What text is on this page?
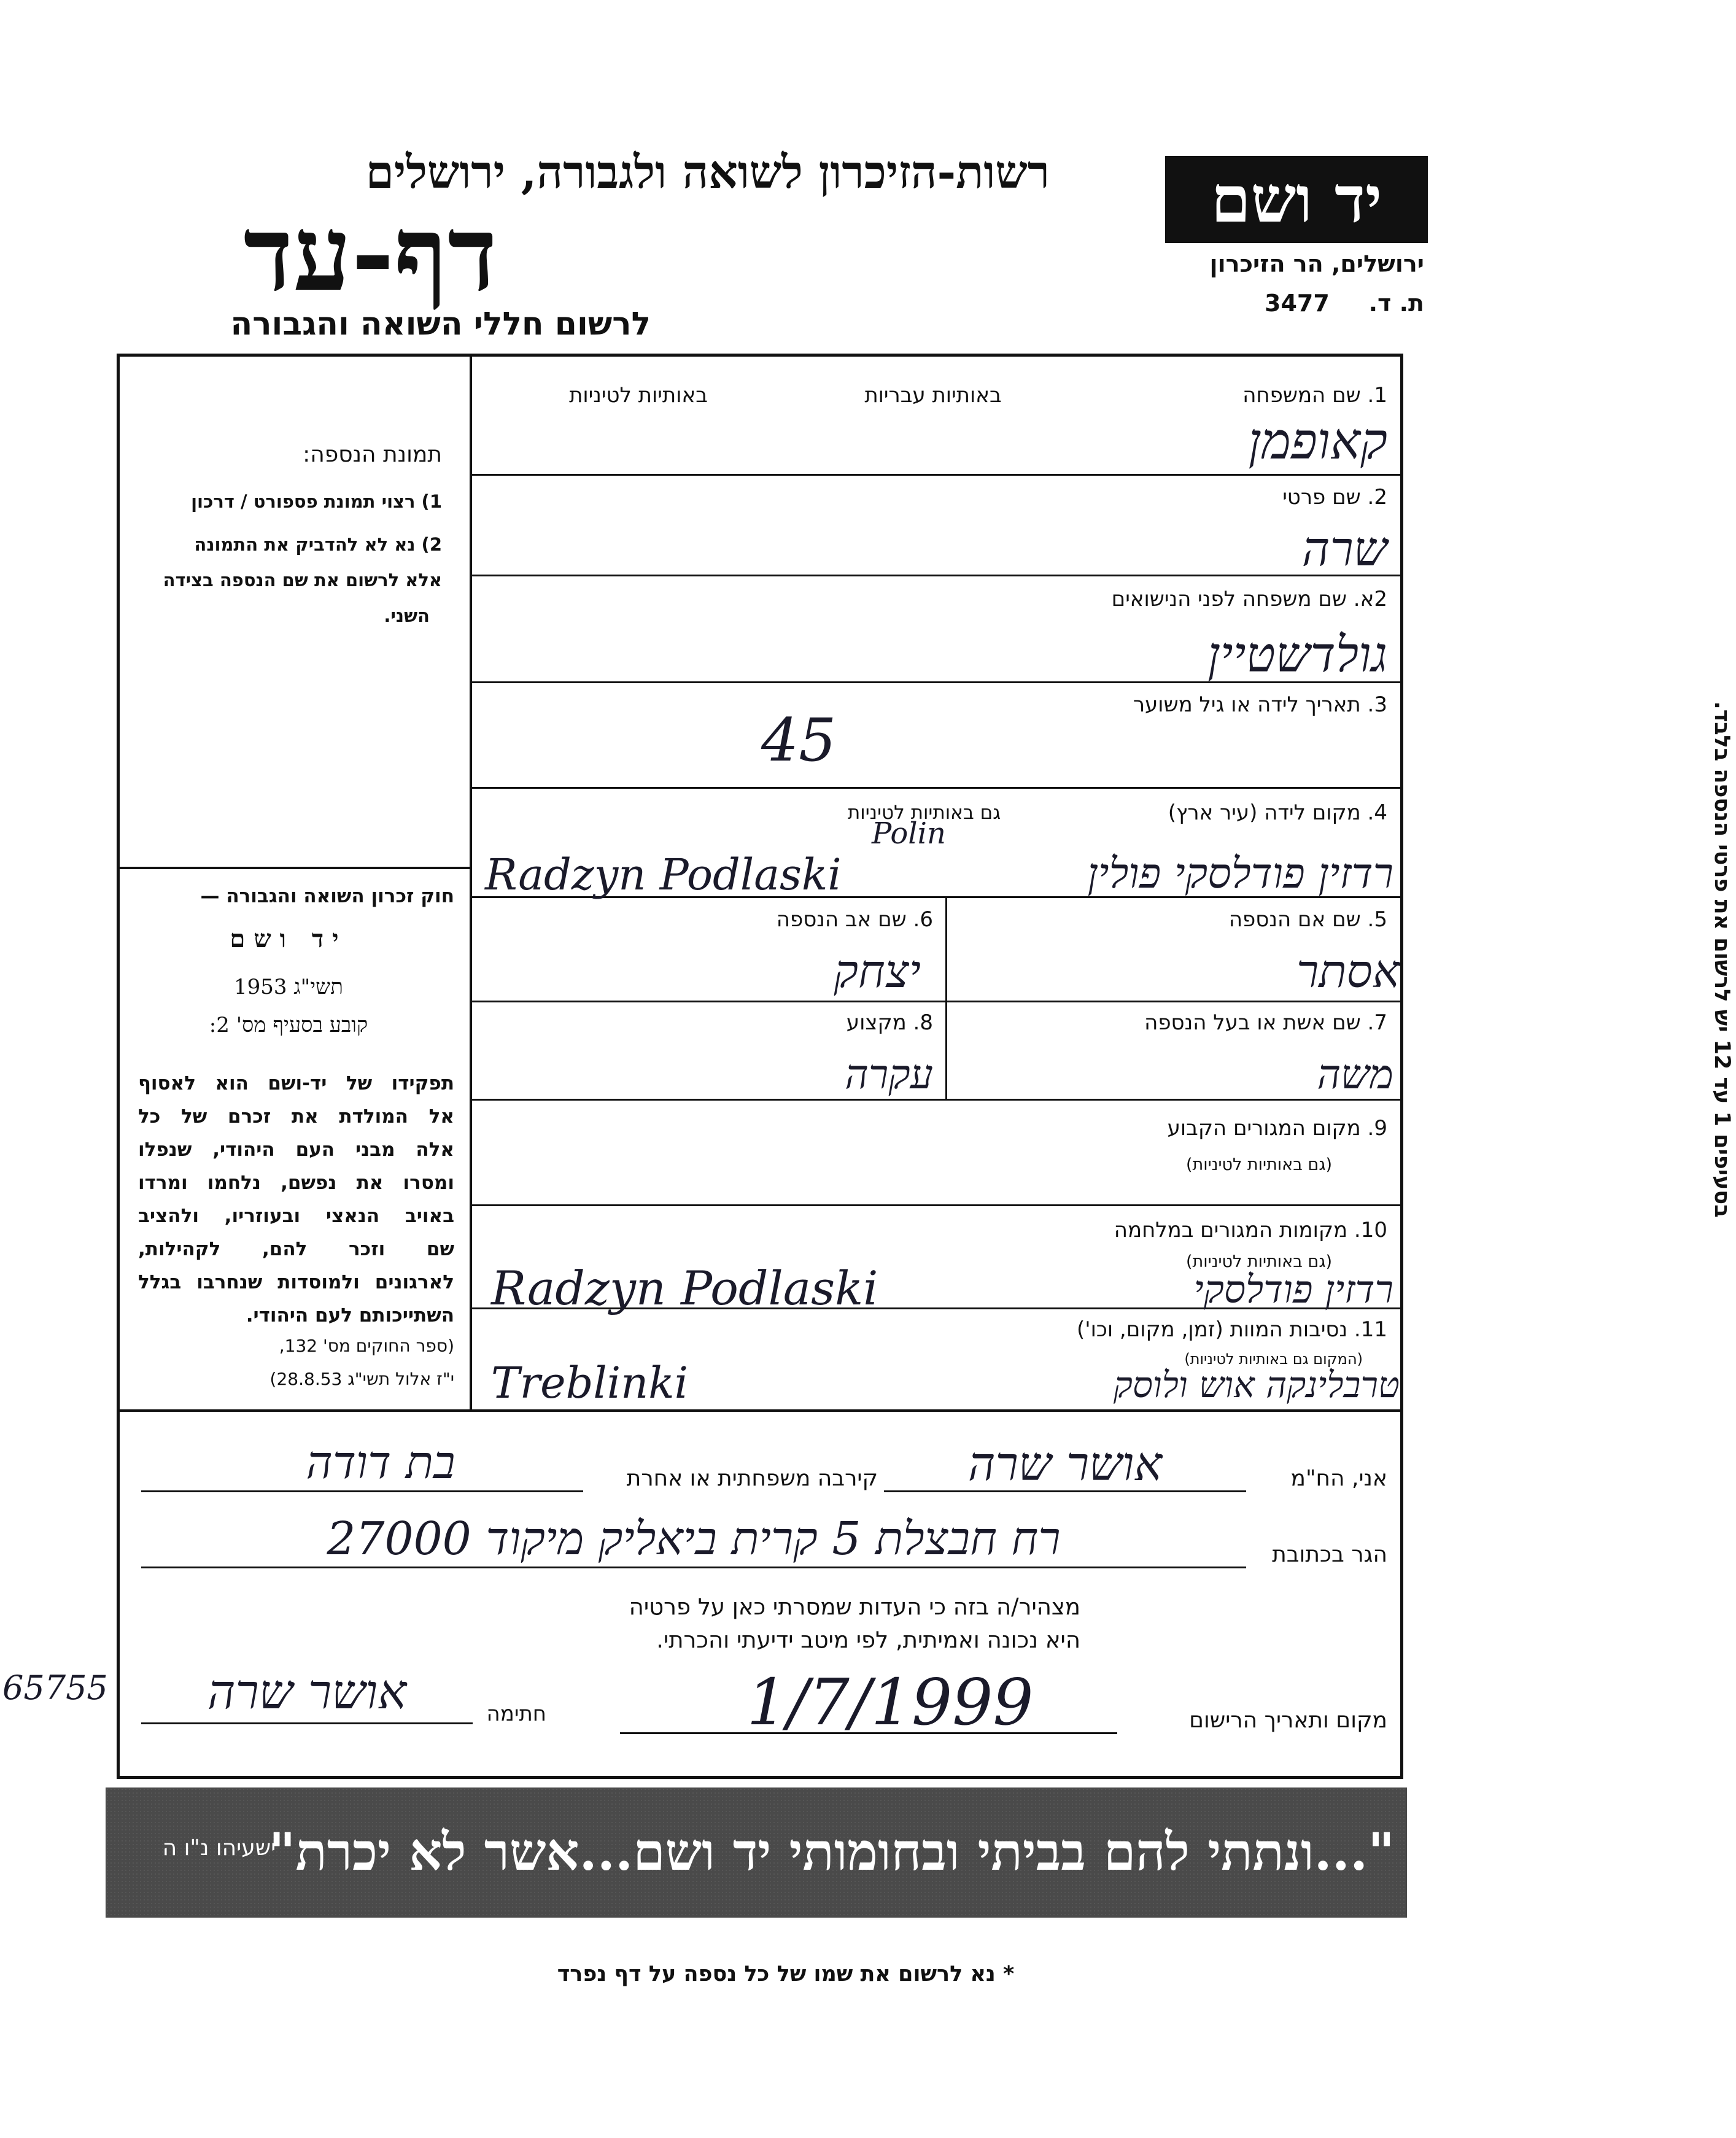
יד ושם
ירושלים, הר הזיכרון
ת. ד.
3477
רשות-הזיכרון לשואה ולגבורה, ירושלים
דף-עד
לרשום חללי השואה והגבורה
תמונת הנספה:
1) רצוי תמונת פספורט / דרכון
2) נא לא להדביק את התמונה
אלא לרשום את שם הנספה בצידה
השני.
חוק זכרון השואה והגבורה —
יד ושם
תשי"ג 1953
קובע בסעיף מס' 2:
תפקידו של יד-ושם הוא לאסוף
אל המולדת את זכרם של כל
אלה מבני העם היהודי, שנפלו
ומסרו את נפשם, נלחמו ומרדו
באויב הנאצי ובעוזריו, ולהציב
שם וזכר להם, לקהילות,
לארגונים ולמוסדות שנחרבו בגלל
השתייכותם לעם היהודי.
(ספר החוקים מס' 132,
י"ז אלול תשי"ג 28.8.53)
1. שם המשפחה
באותיות עבריות
באותיות לטיניות
קאופמן
2. שם פרטי
שרה
2א. שם משפחה לפני הנישואים
גולדשטיין
3. תאריך לידה או גיל משוער
45
4. מקום לידה (עיר ארץ)
גם באותיות לטיניות
Polin
Radzyn Podlaski	רדזין פודלסקי פולין
5. שם אם הנספה
אסתר
6. שם אב הנספה
יצחק
7. שם אשת או בעל הנספה
משה
8. מקצוע
עקרה
9. מקום המגורים הקבוע
(גם באותיות לטיניות)
10. מקומות המגורים במלחמה
(גם באותיות לטיניות)
Radzyn Podlaski	רדזין פודלסקי
11. נסיבות המוות (זמן, מקום, וכו')
(המקום גם באותיות לטיניות)
Treblinki	טרבלינקה אוש ולוסק
אני, הח"מ
אושר שרה
קירבה משפחתית או אחרת
בת דודה
הגר בכתובת
רח חבצלת 5 קרית ביאליק מיקוד 27000
מצהיר/ה בזה כי העדות שמסרתי כאן על פרטיה
היא נכונה ואמיתית, לפי מיטב ידיעתי והכרתי.
מקום ותאריך הרישום
1/7/1999
חתימה
אושר שרה
"...ונתתי להם בביתי ובחומותי יד ושם...אשר לא יכרת"
ישעיהו נ"ו ה
בסעיפים 1 עד 12 יש לרשום את פרטי הנספה בלבד.
65755
* נא לרשום את שמו של כל נספה על דף נפרד
